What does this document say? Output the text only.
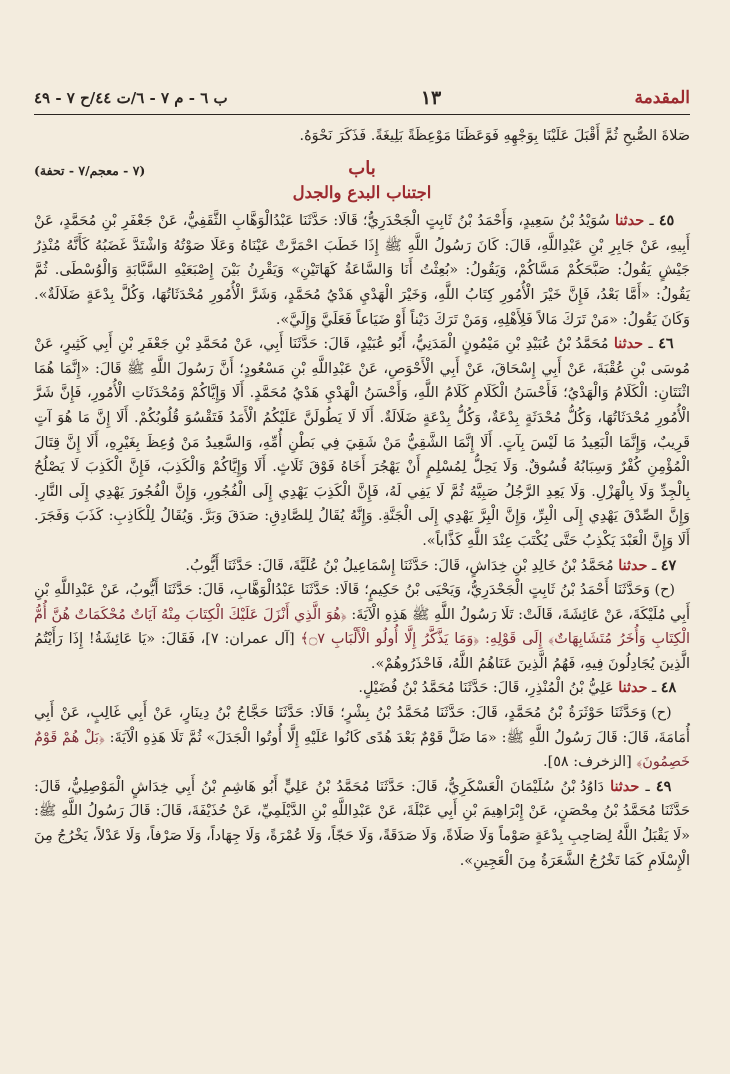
المقدمة
١٣
ب ٦ - م ٧ - ٦/ت ٤٤/ح ٧ - ٤٩

صَلاةَ الصُّبحِ ثُمَّ أَقْبَلَ عَلَيْنَا بِوَجْهِهِ فَوَعَظَنَا مَوْعِظَةً بَلِيغَةً. فَذَكَرَ نَحْوَهُ.

باب
(٧ - معجم/٧ - تحفة)
اجتناب البدع والجدل

٤٥ ـ حدثنا سُوَيْدُ بْنُ سَعِيدٍ، وَأَحْمَدُ بْنُ ثَابِتٍ الْجَحْدَرِيُّ؛ قَالَا: حَدَّثَنَا عَبْدُالْوَهَّابِ الثَّقَفِيُّ، عَنْ جَعْفَرِ بْنِ مُحَمَّدٍ، عَنْ أَبِيهِ، عَنْ جَابِرِ بْنِ عَبْدِاللَّهِ، قَالَ: كَانَ رَسُولُ اللَّهِ ﷺ إِذَا خَطَبَ احْمَرَّتْ عَيْنَاهُ وَعَلَا صَوْتُهُ وَاشْتَدَّ غَضَبُهُ كَأَنَّهُ مُنْذِرُ جَيْشٍ يَقُولُ: صَبَّحَكُمْ مَسَّاكُمْ، وَيَقُولُ: «بُعِثْتُ أَنَا وَالسَّاعَةُ كَهَاتَيْنِ» وَيَقْرِنُ بَيْنَ إِصْبَعَيْهِ السَّبَّابَةِ وَالْوُسْطَى. ثُمَّ يَقُولُ: «أَمَّا بَعْدُ، فَإِنَّ خَيْرَ الْأُمُورِ كِتَابُ اللَّهِ، وَخَيْرَ الْهَدْيِ هَدْيُ مُحَمَّدٍ، وَشَرَّ الْأُمُورِ مُحْدَثَاتُهَا، وَكُلَّ بِدْعَةٍ ضَلَالَةٌ». وَكَانَ يَقُولُ: «مَنْ تَرَكَ مَالاً فَلِأَهْلِهِ، وَمَنْ تَرَكَ دَيْناً أَوْ ضَيَاعاً فَعَلَيَّ وَإِلَيَّ».

٤٦ ـ حدثنا مُحَمَّدُ بْنُ عُبَيْدِ بْنِ مَيْمُونٍ الْمَدَنِيُّ، أَبُو عُبَيْدٍ، قَالَ: حَدَّثَنَا أَبِي، عَنْ مُحَمَّدِ بْنِ جَعْفَرِ بْنِ أَبِي كَثِيرٍ، عَنْ مُوسَى بْنِ عُقْبَةَ، عَنْ أَبِي إِسْحَاقَ، عَنْ أَبِي الْأَحْوَصِ، عَنْ عَبْدِاللَّهِ بْنِ مَسْعُودٍ؛ أَنَّ رَسُولَ اللَّهِ ﷺ قَالَ: «إِنَّمَا هُمَا اثْنَتَانِ: الْكَلَامُ وَالْهَدْيُ؛ فَأَحْسَنُ الْكَلَامِ كَلَامُ اللَّهِ، وَأَحْسَنُ الْهَدْيِ هَدْيُ مُحَمَّدٍ. أَلَا وَإِيَّاكُمْ وَمُحْدَثَاتِ الْأُمُورِ، فَإِنَّ شَرَّ الْأُمُورِ مُحْدَثَاتُهَا، وَكُلُّ مُحْدَثَةٍ بِدْعَةٌ، وَكُلُّ بِدْعَةٍ ضَلَالَةٌ. أَلَا لَا يَطُولَنَّ عَلَيْكُمُ الْأَمَدُ فَتَقْسُوَ قُلُوبُكُمْ. أَلَا إِنَّ مَا هُوَ آتٍ قَرِيبٌ، وَإِنَّمَا الْبَعِيدُ مَا لَيْسَ بِآتٍ. أَلَا إِنَّمَا الشَّقِيُّ مَنْ شَقِيَ فِي بَطْنِ أُمِّهِ، وَالسَّعِيدُ مَنْ وُعِظَ بِغَيْرِهِ، أَلَا إِنَّ قِتَالَ الْمُؤْمِنِ كُفْرٌ وَسِبَابُهُ فُسُوقٌ. وَلَا يَحِلُّ لِمُسْلِمٍ أَنْ يَهْجُرَ أَخَاهُ فَوْقَ ثَلَاثٍ. أَلَا وَإِيَّاكُمْ وَالْكَذِبَ، فَإِنَّ الْكَذِبَ لَا يَصْلُحُ بِالْجِدِّ وَلَا بِالْهَزْلِ. وَلَا يَعِدِ الرَّجُلُ صَبِيَّهُ ثُمَّ لَا يَفِي لَهُ، فَإِنَّ الْكَذِبَ يَهْدِي إِلَى الْفُجُورِ، وَإِنَّ الْفُجُورَ يَهْدِي إِلَى النَّارِ. وَإِنَّ الصِّدْقَ يَهْدِي إِلَى الْبِرِّ، وَإِنَّ الْبِرَّ يَهْدِي إِلَى الْجَنَّةِ. وَإِنَّهُ يُقَالُ لِلصَّادِقِ: صَدَقَ وَبَرَّ. وَيُقَالُ لِلْكَاذِبِ: كَذَبَ وَفَجَرَ. أَلَا وَإِنَّ الْعَبْدَ يَكْذِبُ حَتَّى يُكْتَبَ عِنْدَ اللَّهِ كَذَّاباً».

٤٧ ـ حدثنا مُحَمَّدُ بْنُ خَالِدِ بْنِ خِدَاشٍ، قَالَ: حَدَّثَنَا إِسْمَاعِيلُ بْنُ عُلَيَّةَ، قَالَ: حَدَّثَنَا أَيُّوبُ.

(ح) وَحَدَّثَنَا أَحْمَدُ بْنُ ثَابِتٍ الْجَحْدَرِيُّ، وَيَحْيَى بْنُ حَكِيمٍ؛ قَالَا: حَدَّثَنَا عَبْدُالْوَهَّابِ، قَالَ: حَدَّثَنَا أَيُّوبُ، عَنْ عَبْدِاللَّهِ بْنِ أَبِي مُلَيْكَةَ، عَنْ عَائِشَةَ، قَالَتْ: تَلَا رَسُولُ اللَّهِ ﷺ هَذِهِ الْآيَةَ: ﴿هُوَ الَّذِي أَنْزَلَ عَلَيْكَ الْكِتَابَ مِنْهُ آيَاتٌ مُحْكَمَاتٌ هُنَّ أُمُّ الْكِتَابِ وَأُخَرُ مُتَشَابِهَاتٌ﴾ إِلَى قَوْلِهِ: ﴿وَمَا يَذَّكَّرُ إِلَّا أُولُو الْأَلْبَابِ ۝٧﴾ [آل عمران: ٧]، فَقَالَ: «يَا عَائِشَةُ! إِذَا رَأَيْتُمُ الَّذِينَ يُجَادِلُونَ فِيهِ، فَهُمُ الَّذِينَ عَنَاهُمُ اللَّهُ، فَاحْذَرُوهُمْ».

٤٨ ـ حدثنا عَلِيُّ بْنُ الْمُنْذِرِ، قَالَ: حَدَّثَنَا مُحَمَّدُ بْنُ فُضَيْلٍ.

(ح) وَحَدَّثَنَا حَوْثَرَةُ بْنُ مُحَمَّدٍ، قَالَ: حَدَّثَنَا مُحَمَّدُ بْنُ بِشْرٍ؛ قَالَا: حَدَّثَنَا حَجَّاجُ بْنُ دِينَارٍ، عَنْ أَبِي غَالِبٍ، عَنْ أَبِي أُمَامَةَ، قَالَ: قَالَ رَسُولُ اللَّهِ ﷺ: «مَا ضَلَّ قَوْمٌ بَعْدَ هُدًى كَانُوا عَلَيْهِ إِلَّا أُوتُوا الْجَدَلَ» ثُمَّ تَلَا هَذِهِ الْآيَةَ: ﴿بَلْ هُمْ قَوْمٌ خَصِمُونَ﴾ [الزخرف: ٥٨].

٤٩ ـ حدثنا دَاوُدُ بْنُ سُلَيْمَانَ الْعَسْكَرِيُّ، قَالَ: حَدَّثَنَا مُحَمَّدُ بْنُ عَلِيٍّ أَبُو هَاشِمِ بْنُ أَبِي خِدَاشٍ الْمَوْصِلِيُّ، قَالَ: حَدَّثَنَا مُحَمَّدُ بْنُ مِحْصَنٍ، عَنْ إِبْرَاهِيمَ بْنِ أَبِي عَبْلَةَ، عَنْ عَبْدِاللَّهِ بْنِ الدَّيْلَمِيِّ، عَنْ حُذَيْفَةَ، قَالَ: قَالَ رَسُولُ اللَّهِ ﷺ: «لَا يَقْبَلُ اللَّهُ لِصَاحِبِ بِدْعَةٍ صَوْماً وَلَا صَلَاةً، وَلَا صَدَقَةً، وَلَا حَجّاً، وَلَا عُمْرَةً، وَلَا جِهَاداً، وَلَا صَرْفاً، وَلَا عَدْلاً، يَخْرُجُ مِنَ الْإِسْلَامِ كَمَا تَخْرُجُ الشَّعَرَةُ مِنَ الْعَجِينِ».
